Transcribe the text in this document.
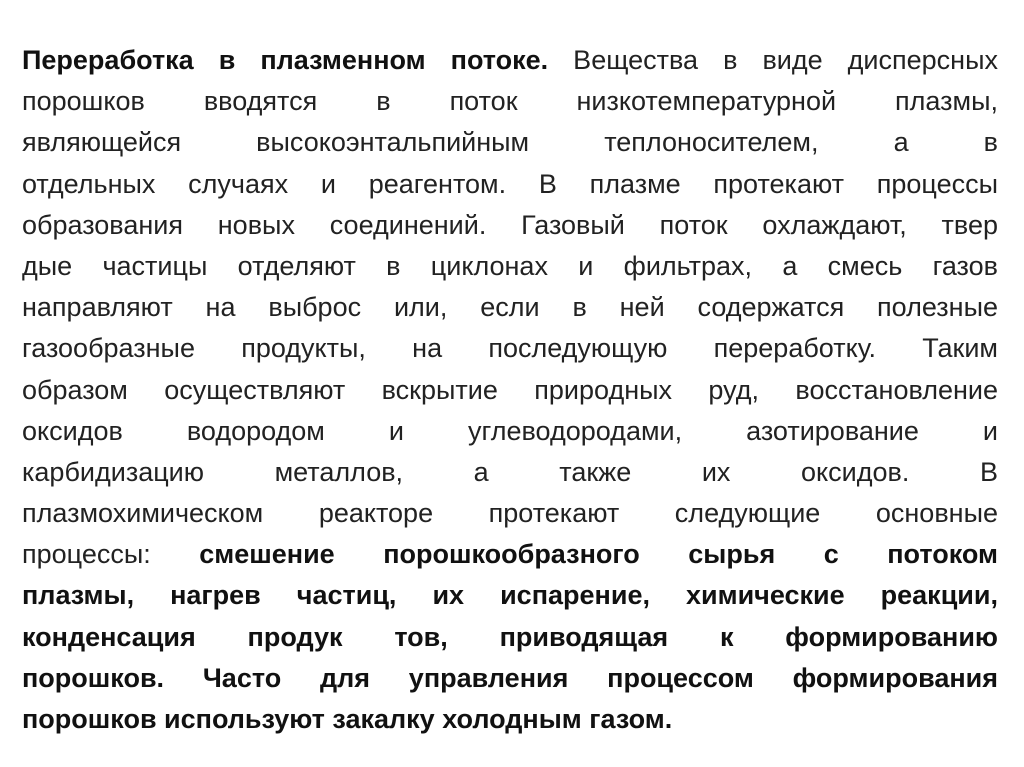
Переработка в плазменном потоке. Вещества в виде дисперсных
порошков вводятся в поток низкотемпературной плазмы,
являющейся высокоэнтальпийным теплоносителем, а в
отдельных случаях и реагентом. В плазме протекают процессы
образования новых соединений. Газовый поток охлаждают, твер
дые частицы отделяют в циклонах и фильтрах, а смесь газов
направляют на выброс или, если в ней содержатся полезные
газообразные продукты, на последующую переработку. Таким
образом осуществляют вскрытие природных руд, восстановление
оксидов водородом и углеводородами, азотирование и
карбидизацию металлов, а также их оксидов. В
плазмохимическом реакторе протекают следующие основные
процессы: смешение порошкообразного сырья с потоком
плазмы, нагрев частиц, их испарение, химические реакции,
конденсация продук тов, приводящая к формированию
порошков. Часто для управления процессом формирования
порошков используют закалку холодным газом.
